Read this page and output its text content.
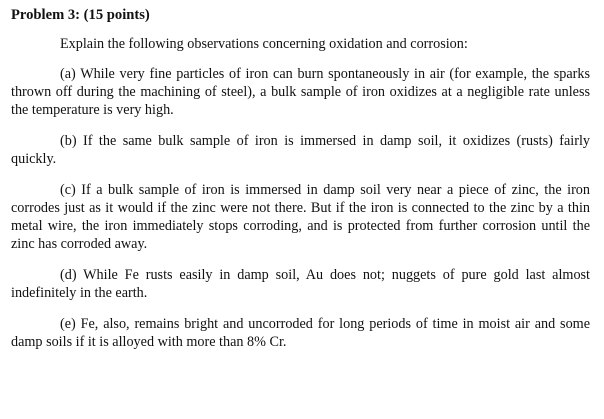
Problem 3: (15 points)
Explain the following observations concerning oxidation and corrosion:

(a) While very fine particles of iron can burn spontaneously in air (for example, the sparks thrown off during the machining of steel), a bulk sample of iron oxidizes at a negligible rate unless the temperature is very high.

(b) If the same bulk sample of iron is immersed in damp soil, it oxidizes (rusts) fairly quickly.

(c) If a bulk sample of iron is immersed in damp soil very near a piece of zinc, the iron corrodes just as it would if the zinc were not there. But if the iron is connected to the zinc by a thin metal wire, the iron immediately stops corroding, and is protected from further corrosion until the zinc has corroded away.

(d) While Fe rusts easily in damp soil, Au does not; nuggets of pure gold last almost indefinitely in the earth.

(e) Fe, also, remains bright and uncorroded for long periods of time in moist air and some damp soils if it is alloyed with more than 8% Cr.
